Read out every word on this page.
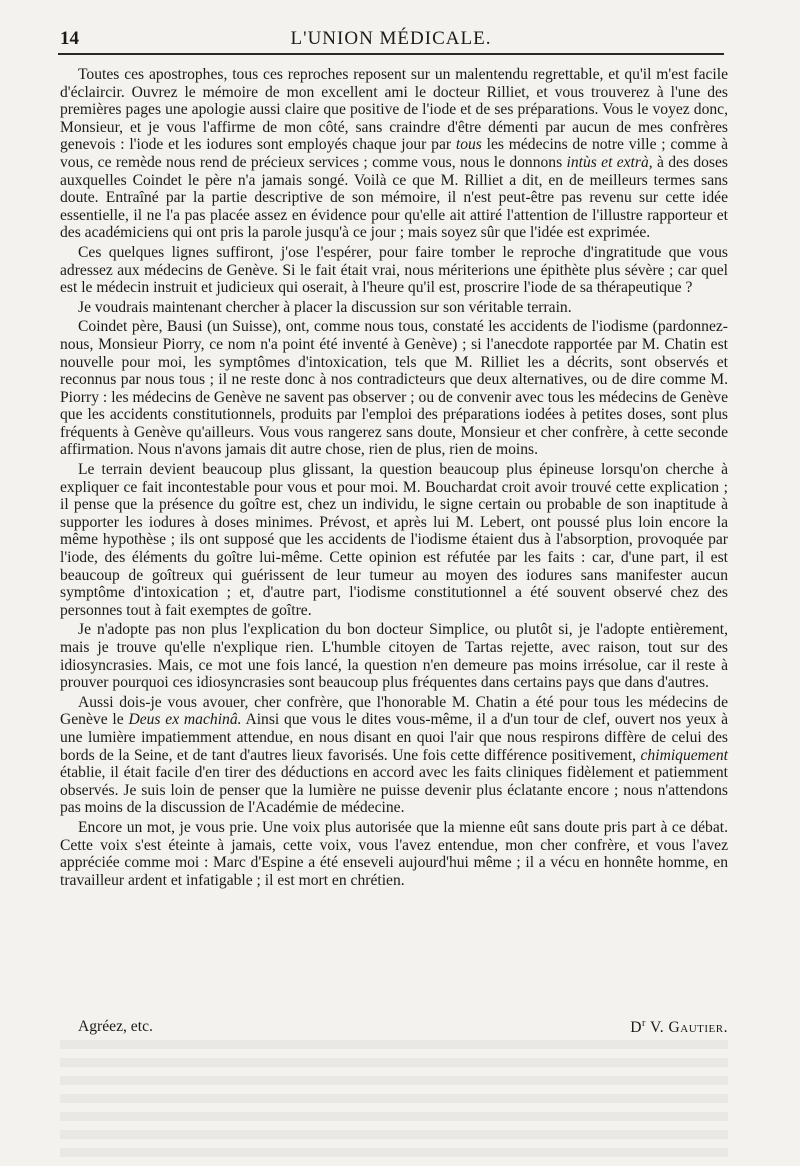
14	L'UNION MÉDICALE.

Toutes ces apostrophes, tous ces reproches reposent sur un malentendu regrettable, et qu'il m'est facile d'éclaircir. Ouvrez le mémoire de mon excellent ami le docteur Rilliet, et vous trouverez à l'une des premières pages une apologie aussi claire que positive de l'iode et de ses préparations. Vous le voyez donc, Monsieur, et je vous l'affirme de mon côté, sans craindre d'être démenti par aucun de mes confrères genevois : l'iode et les iodures sont employés chaque jour par tous les médecins de notre ville ; comme à vous, ce remède nous rend de précieux services ; comme vous, nous le donnons intùs et extrà, à des doses auxquelles Coindet le père n'a jamais songé. Voilà ce que M. Rilliet a dit, en de meilleurs termes sans doute. Entraîné par la partie descriptive de son mémoire, il n'est peut-être pas revenu sur cette idée essentielle, il ne l'a pas placée assez en évidence pour qu'elle ait attiré l'attention de l'illustre rapporteur et des académiciens qui ont pris la parole jusqu'à ce jour ; mais soyez sûr que l'idée est exprimée.

Ces quelques lignes suffiront, j'ose l'espérer, pour faire tomber le reproche d'ingratitude que vous adressez aux médecins de Genève. Si le fait était vrai, nous mériterions une épithète plus sévère ; car quel est le médecin instruit et judicieux qui oserait, à l'heure qu'il est, proscrire l'iode de sa thérapeutique ?

Je voudrais maintenant chercher à placer la discussion sur son véritable terrain.

Coindet père, Bausi (un Suisse), ont, comme nous tous, constaté les accidents de l'iodisme (pardonnez-nous, Monsieur Piorry, ce nom n'a point été inventé à Genève) ; si l'anecdote rapportée par M. Chatin est nouvelle pour moi, les symptômes d'intoxication, tels que M. Rilliet les a décrits, sont observés et reconnus par nous tous ; il ne reste donc à nos contradicteurs que deux alternatives, ou de dire comme M. Piorry : les médecins de Genève ne savent pas observer ; ou de convenir avec tous les médecins de Genève que les accidents constitutionnels, produits par l'emploi des préparations iodées à petites doses, sont plus fréquents à Genève qu'ailleurs. Vous vous rangerez sans doute, Monsieur et cher confrère, à cette seconde affirmation. Nous n'avons jamais dit autre chose, rien de plus, rien de moins.

Le terrain devient beaucoup plus glissant, la question beaucoup plus épineuse lorsqu'on cherche à expliquer ce fait incontestable pour vous et pour moi. M. Bouchardat croit avoir trouvé cette explication ; il pense que la présence du goître est, chez un individu, le signe certain ou probable de son inaptitude à supporter les iodures à doses minimes. Prévost, et après lui M. Lebert, ont poussé plus loin encore la même hypothèse ; ils ont supposé que les accidents de l'iodisme étaient dus à l'absorption, provoquée par l'iode, des éléments du goître lui-même. Cette opinion est réfutée par les faits : car, d'une part, il est beaucoup de goîtreux qui guérissent de leur tumeur au moyen des iodures sans manifester aucun symptôme d'intoxication ; et, d'autre part, l'iodisme constitutionnel a été souvent observé chez des personnes tout à fait exemptes de goître.

Je n'adopte pas non plus l'explication du bon docteur Simplice, ou plutôt si, je l'adopte entièrement, mais je trouve qu'elle n'explique rien. L'humble citoyen de Tartas rejette, avec raison, tout sur des idiosyncrasies. Mais, ce mot une fois lancé, la question n'en demeure pas moins irrésolue, car il reste à prouver pourquoi ces idiosyncrasies sont beaucoup plus fréquentes dans certains pays que dans d'autres.

Aussi dois-je vous avouer, cher confrère, que l'honorable M. Chatin a été pour tous les médecins de Genève le Deus ex machinâ. Ainsi que vous le dites vous-même, il a d'un tour de clef, ouvert nos yeux à une lumière impatiemment attendue, en nous disant en quoi l'air que nous respirons diffère de celui des bords de la Seine, et de tant d'autres lieux favorisés. Une fois cette différence positivement, chimiquement établie, il était facile d'en tirer des déductions en accord avec les faits cliniques fidèlement et patiemment observés. Je suis loin de penser que la lumière ne puisse devenir plus éclatante encore ; nous n'attendons pas moins de la discussion de l'Académie de médecine.

Encore un mot, je vous prie. Une voix plus autorisée que la mienne eût sans doute pris part à ce débat. Cette voix s'est éteinte à jamais, cette voix, vous l'avez entendue, mon cher confrère, et vous l'avez appréciée comme moi : Marc d'Espine a été enseveli aujourd'hui même ; il a vécu en honnête homme, en travailleur ardent et infatigable ; il est mort en chrétien.

Agréez, etc.	$D^r$ V. Gautier.
